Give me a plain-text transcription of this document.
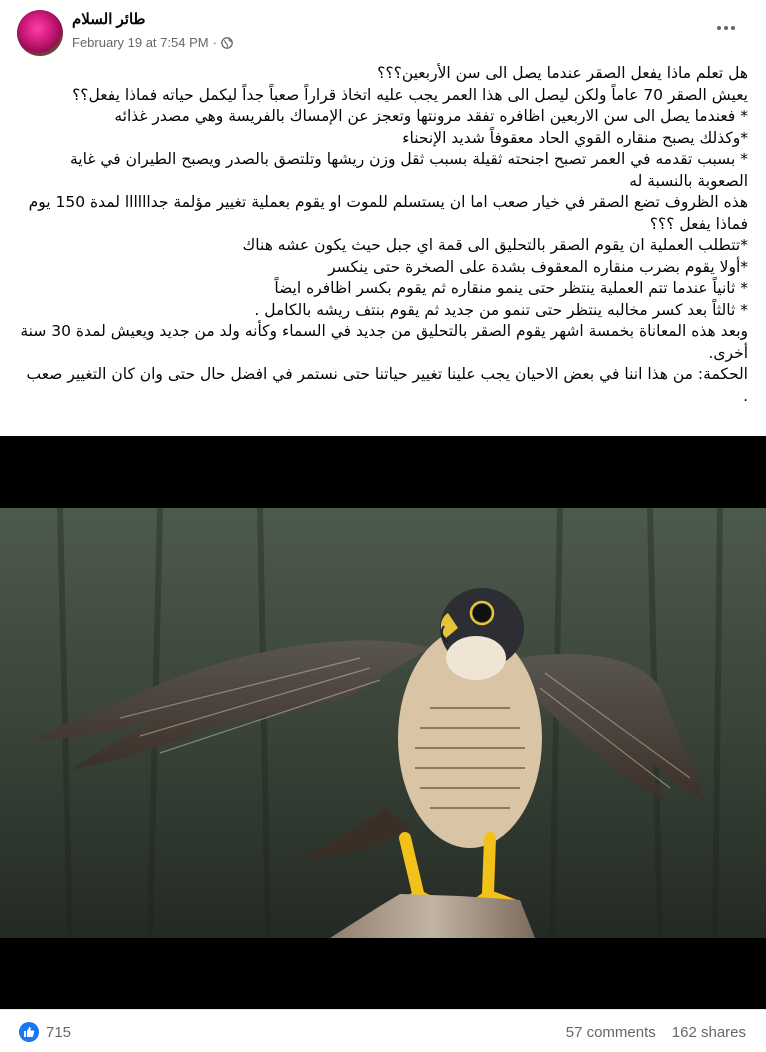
طائر السلام
February 19 at 7:54 PM ·

هل تعلم ماذا يفعل الصقر عندما يصل الى سن الأربعين؟؟؟

يعيش الصقر 70 عاماً ولكن ليصل الى هذا العمر يجب عليه اتخاذ قراراً صعباً جداً ليكمل حياته فماذا يفعل؟؟

* فعندما يصل الى سن الاربعين اظافره تفقد مرونتها وتعجز عن الإمساك بالفريسة وهي مصدر غذائه

*وكذلك يصبح منقاره القوي الحاد معقوفاً شديد الإنحناء

* بسبب تقدمه في العمر تصبح اجنحته ثقيلة بسبب ثقل وزن ريشها وتلتصق بالصدر ويصبح الطيران في غاية الصعوبة بالنسبة له

هذه الظروف تضع الصقر في خيار صعب اما ان يستسلم للموت او يقوم بعملية تغيير مؤلمة جداااااا لمدة 150 يوم فماذا يفعل ؟؟؟

*تتطلب العملية ان يقوم الصقر بالتحليق الى قمة اي جبل حيث يكون عشه هناك

*أولا يقوم بضرب منقاره المعقوف بشدة على الصخرة حتى ينكسر

* ثانياً عندما تتم العملية ينتظر حتى ينمو منقاره ثم يقوم بكسر اظافره ايضاً

* ثالثاً بعد كسر مخالبه ينتظر حتى تنمو من جديد ثم يقوم بنتف ريشه بالكامل .

وبعد هذه المعاناة بخمسة اشهر يقوم الصقر بالتحليق من جديد في السماء وكأنه ولد من جديد ويعيش لمدة 30 سنة أخرى.

الحكمة: من هذا اننا في بعض الاحيان يجب علينا تغيير حياتنا حتى نستمر في افضل حال حتى وان كان التغيير صعب .

715	57 comments 162 shares
